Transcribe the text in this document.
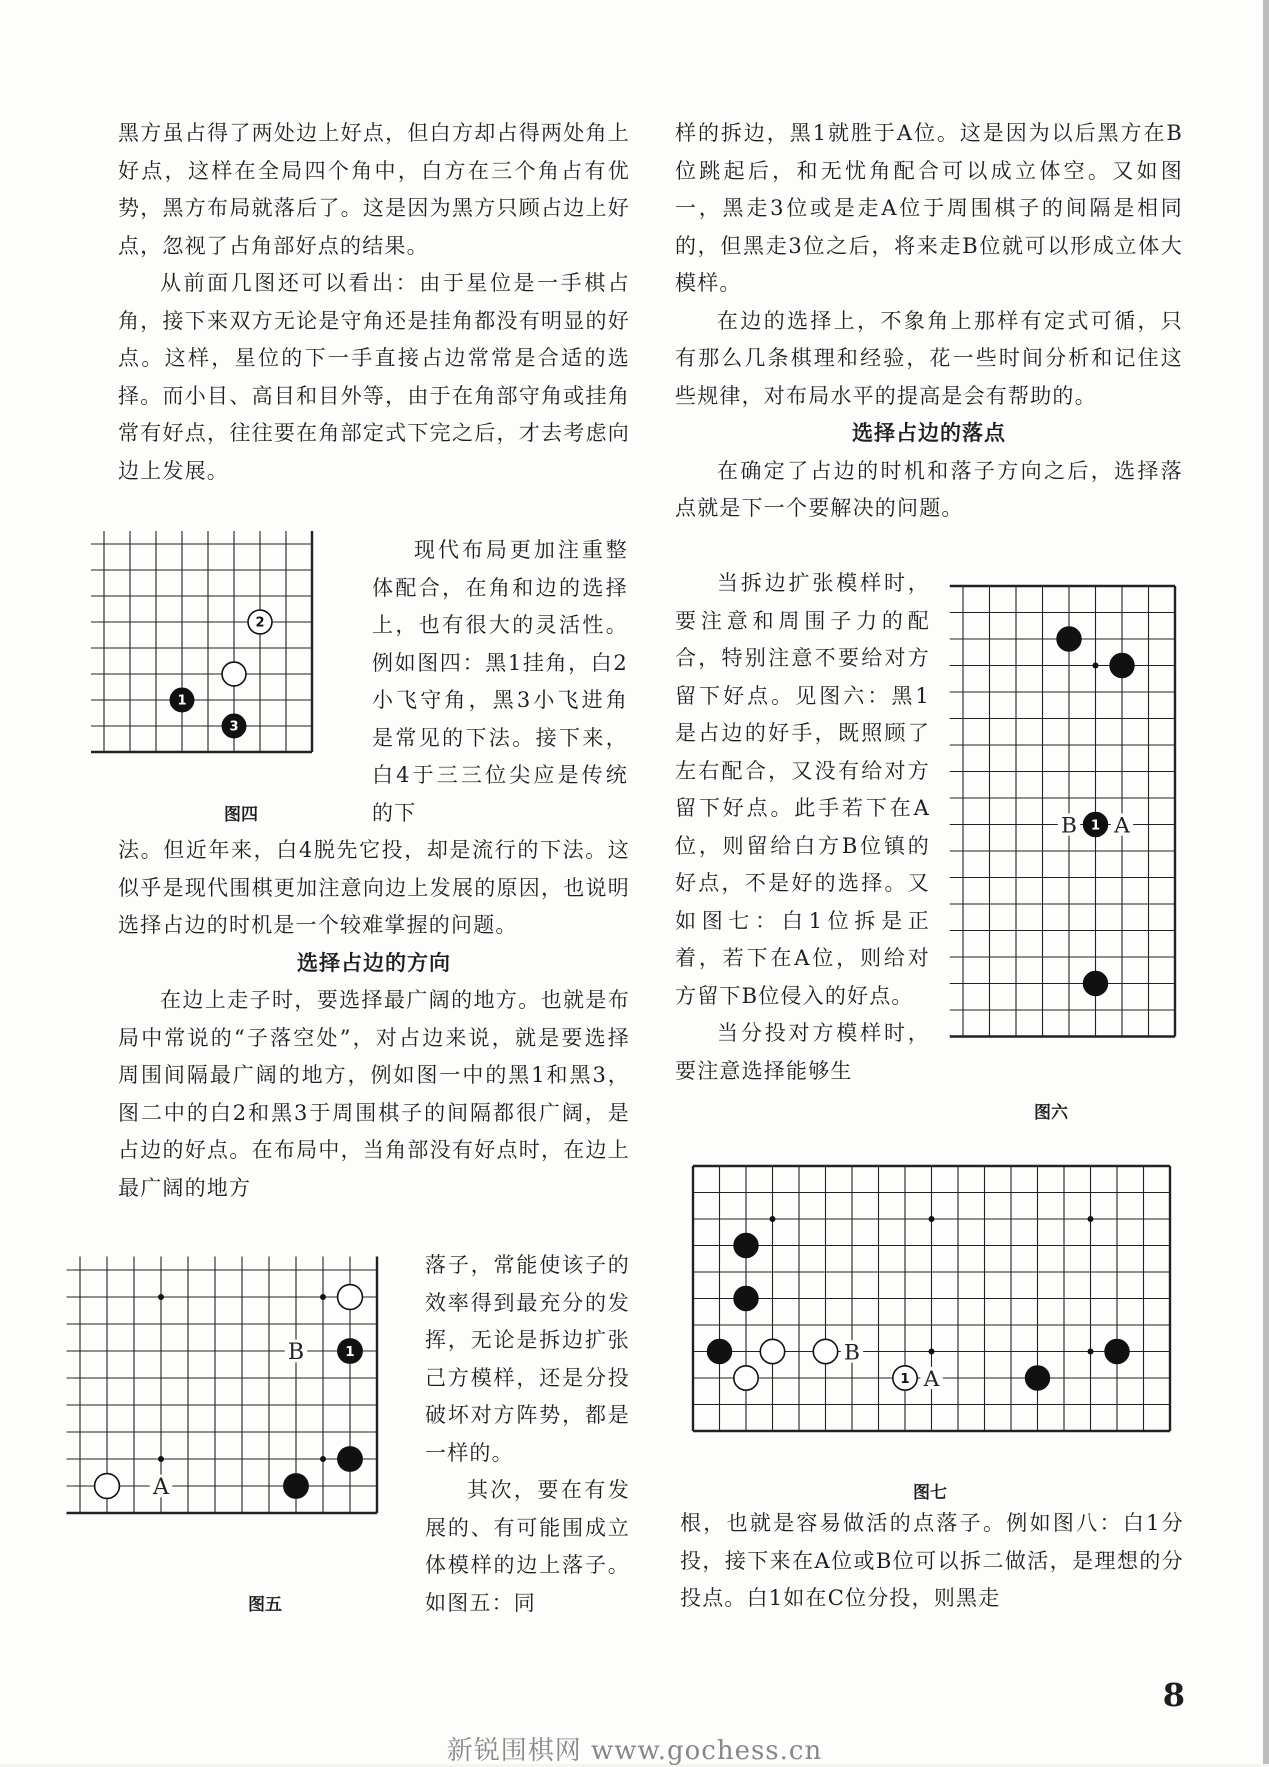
黑方虽占得了两处边上好点，但白方却占得两处角上好点，这样在全局四个角中，白方在三个角占有优势，黑方布局就落后了。这是因为黑方只顾占边上好点，忽视了占角部好点的结果。

从前面几图还可以看出：由于星位是一手棋占角，接下来双方无论是守角还是挂角都没有明显的好点。这样，星位的下一手直接占边常常是合适的选择。而小目、高目和目外等，由于在角部守角或挂角常有好点，往往要在角部定式下完之后，才去考虑向边上发展。

2
1
3
图四

现代布局更加注重整体配合，在角和边的选择上，也有很大的灵活性。例如图四：黑1挂角，白2小飞守角，黑3小飞进角是常见的下法。接下来，白4于三三位尖应是传统的下

法。但近年来，白4脱先它投，却是流行的下法。这似乎是现代围棋更加注意向边上发展的原因，也说明选择占边的时机是一个较难掌握的问题。

选择占边的方向

在边上走子时，要选择最广阔的地方。也就是布局中常说的“子落空处”，对占边来说，就是要选择周围间隔最广阔的地方，例如图一中的黑1和黑3，图二中的白2和黑3于周围棋子的间隔都很广阔，是占边的好点。在布局中，当角部没有好点时，在边上最广阔的地方

B
A
1
图五

落子，常能使该子的效率得到最充分的发挥，无论是拆边扩张己方模样，还是分投破坏对方阵势，都是一样的。

其次，要在有发展的、有可能围成立体模样的边上落子。如图五：同

样的拆边，黑1就胜于A位。这是因为以后黑方在B位跳起后，和无忧角配合可以成立体空。又如图一，黑走3位或是走A位于周围棋子的间隔是相同的，但黑走3位之后，将来走B位就可以形成立体大模样。

在边的选择上，不象角上那样有定式可循，只有那么几条棋理和经验，花一些时间分析和记住这些规律，对布局水平的提高是会有帮助的。

选择占边的落点

在确定了占边的时机和落子方向之后，选择落点就是下一个要解决的问题。

当拆边扩张模样时，要注意和周围子力的配合，特别注意不要给对方留下好点。见图六：黑1是占边的好手，既照顾了左右配合，又没有给对方留下好点。此手若下在A位，则留给白方B位镇的好点，不是好的选择。又如图七：白1位拆是正着，若下在A位，则给对方留下B位侵入的好点。

当分投对方模样时，要注意选择能够生

B A
1
图六
B
A
1
图七

根，也就是容易做活的点落子。例如图八：白1分投，接下来在A位或B位可以拆二做活，是理想的分投点。白1如在C位分投，则黑走

8
新锐围棋网 www.gochess.cn
